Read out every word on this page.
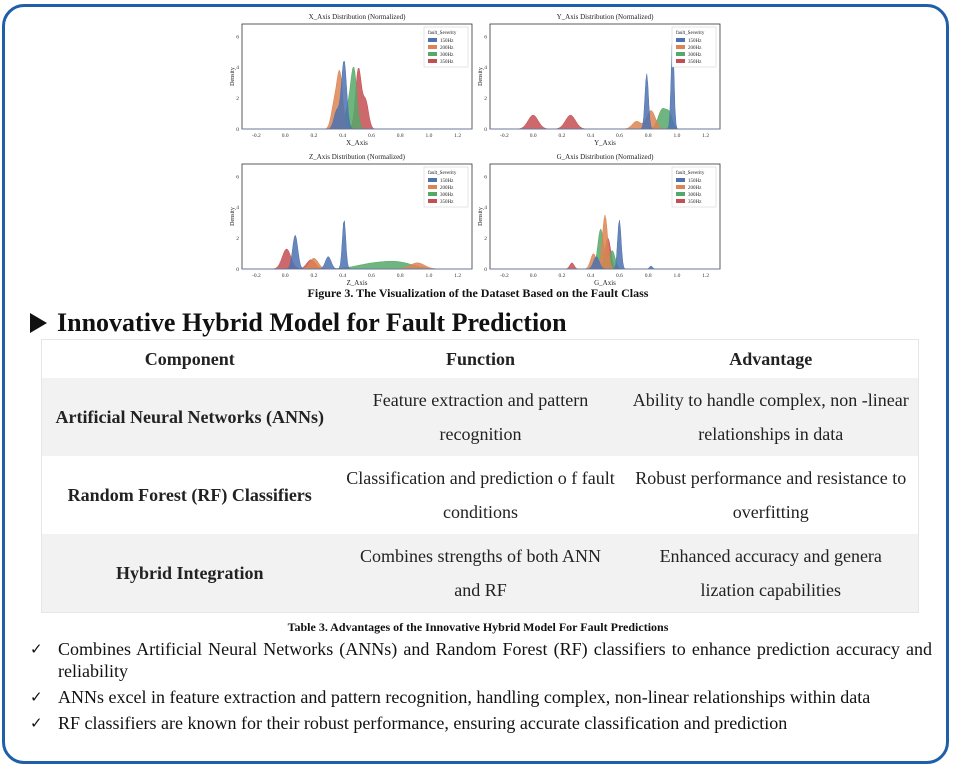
X_Axis Distribution (Normalized)
X_Axis
Density
-0.2	0.0	0.2	0.4	0.6	0.8	1.0	1.2
0
2
4
6
fault_Severity
150Hz
200Hz
300Hz
350Hz
Y_Axis Distribution (Normalized)
Y_Axis
Density
-0.2	0.0	0.2	0.4	0.6	0.8	1.0	1.2
0
2
4
6
fault_Severity
150Hz
200Hz
300Hz
350Hz
Z_Axis Distribution (Normalized)
Z_Axis
Density
-0.2	0.0	0.2	0.4	0.6	0.8	1.0	1.2
0
2
4
6
fault_Severity
150Hz
200Hz
300Hz
350Hz
G_Axis Distribution (Normalized)
G_Axis
Density
-0.2	0.0	0.2	0.4	0.6	0.8	1.0	1.2
0
2
4
6
fault_Severity
150Hz
200Hz
300Hz
350Hz
Figure 3. The Visualization of the Dataset Based on the Fault Class
Innovative Hybrid Model for Fault Prediction
Component	Function	Advantage
Artificial Neural Networks (ANNs)	Feature extraction and pattern recognition	Ability to handle complex, non -linear relationships in data
Random Forest (RF) Classifiers	Classification and prediction o f fault conditions	Robust performance and resistance to overfitting
Hybrid Integration	Combines strengths of both ANN and RF	Enhanced accuracy and genera lization capabilities
Table 3. Advantages of the Innovative Hybrid Model For Fault Predictions
✓ Combines Artificial Neural Networks (ANNs) and Random Forest (RF) classifiers to enhance prediction accuracy and reliability
✓ ANNs excel in feature extraction and pattern recognition, handling complex, non-linear relationships within data
✓ RF classifiers are known for their robust performance, ensuring accurate classification and prediction
